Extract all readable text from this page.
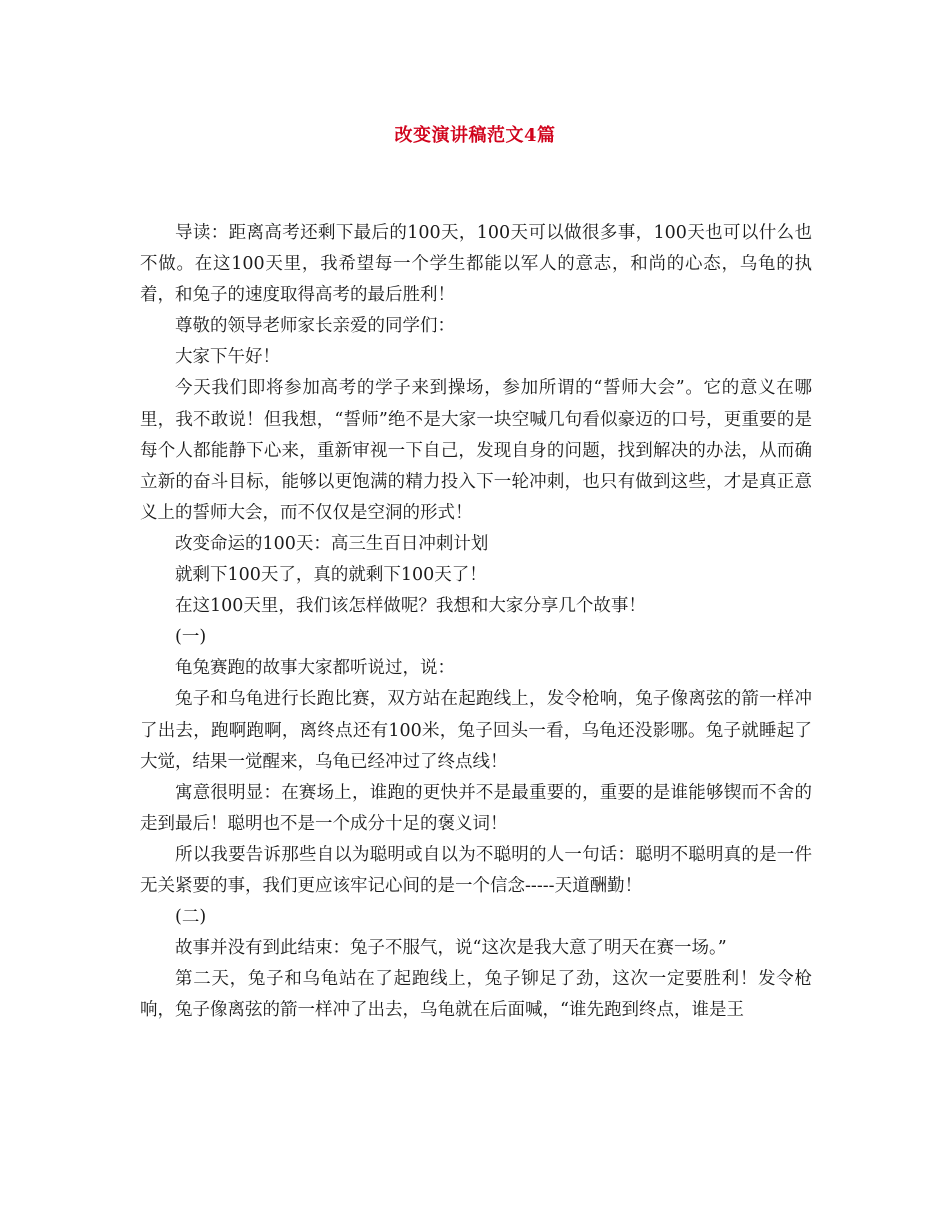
改变演讲稿范文4篇

导读：距离高考还剩下最后的100天，100天可以做很多事，100天也可以什么也不做。在这100天里，我希望每一个学生都能以军人的意志，和尚的心态，乌龟的执着，和兔子的速度取得高考的最后胜利！

尊敬的领导老师家长亲爱的同学们：

大家下午好！

今天我们即将参加高考的学子来到操场，参加所谓的“誓师大会”。它的意义在哪里，我不敢说！但我想，“誓师”绝不是大家一块空喊几句看似豪迈的口号，更重要的是每个人都能静下心来，重新审视一下自己，发现自身的问题，找到解决的办法，从而确立新的奋斗目标，能够以更饱满的精力投入下一轮冲刺，也只有做到这些，才是真正意义上的誓师大会，而不仅仅是空洞的形式！

改变命运的100天：高三生百日冲刺计划

就剩下100天了，真的就剩下100天了！

在这100天里，我们该怎样做呢？我想和大家分享几个故事！

(一)

龟兔赛跑的故事大家都听说过，说：

兔子和乌龟进行长跑比赛，双方站在起跑线上，发令枪响，兔子像离弦的箭一样冲了出去，跑啊跑啊，离终点还有100米，兔子回头一看，乌龟还没影哪。兔子就睡起了大觉，结果一觉醒来，乌龟已经冲过了终点线！

寓意很明显：在赛场上，谁跑的更快并不是最重要的，重要的是谁能够锲而不舍的走到最后！聪明也不是一个成分十足的褒义词！

所以我要告诉那些自以为聪明或自以为不聪明的人一句话：聪明不聪明真的是一件无关紧要的事，我们更应该牢记心间的是一个信念-----天道酬勤！

(二)

故事并没有到此结束：兔子不服气，说“这次是我大意了明天在赛一场。”

第二天，兔子和乌龟站在了起跑线上，兔子铆足了劲，这次一定要胜利！发令枪响，兔子像离弦的箭一样冲了出去，乌龟就在后面喊，“谁先跑到终点，谁是王
